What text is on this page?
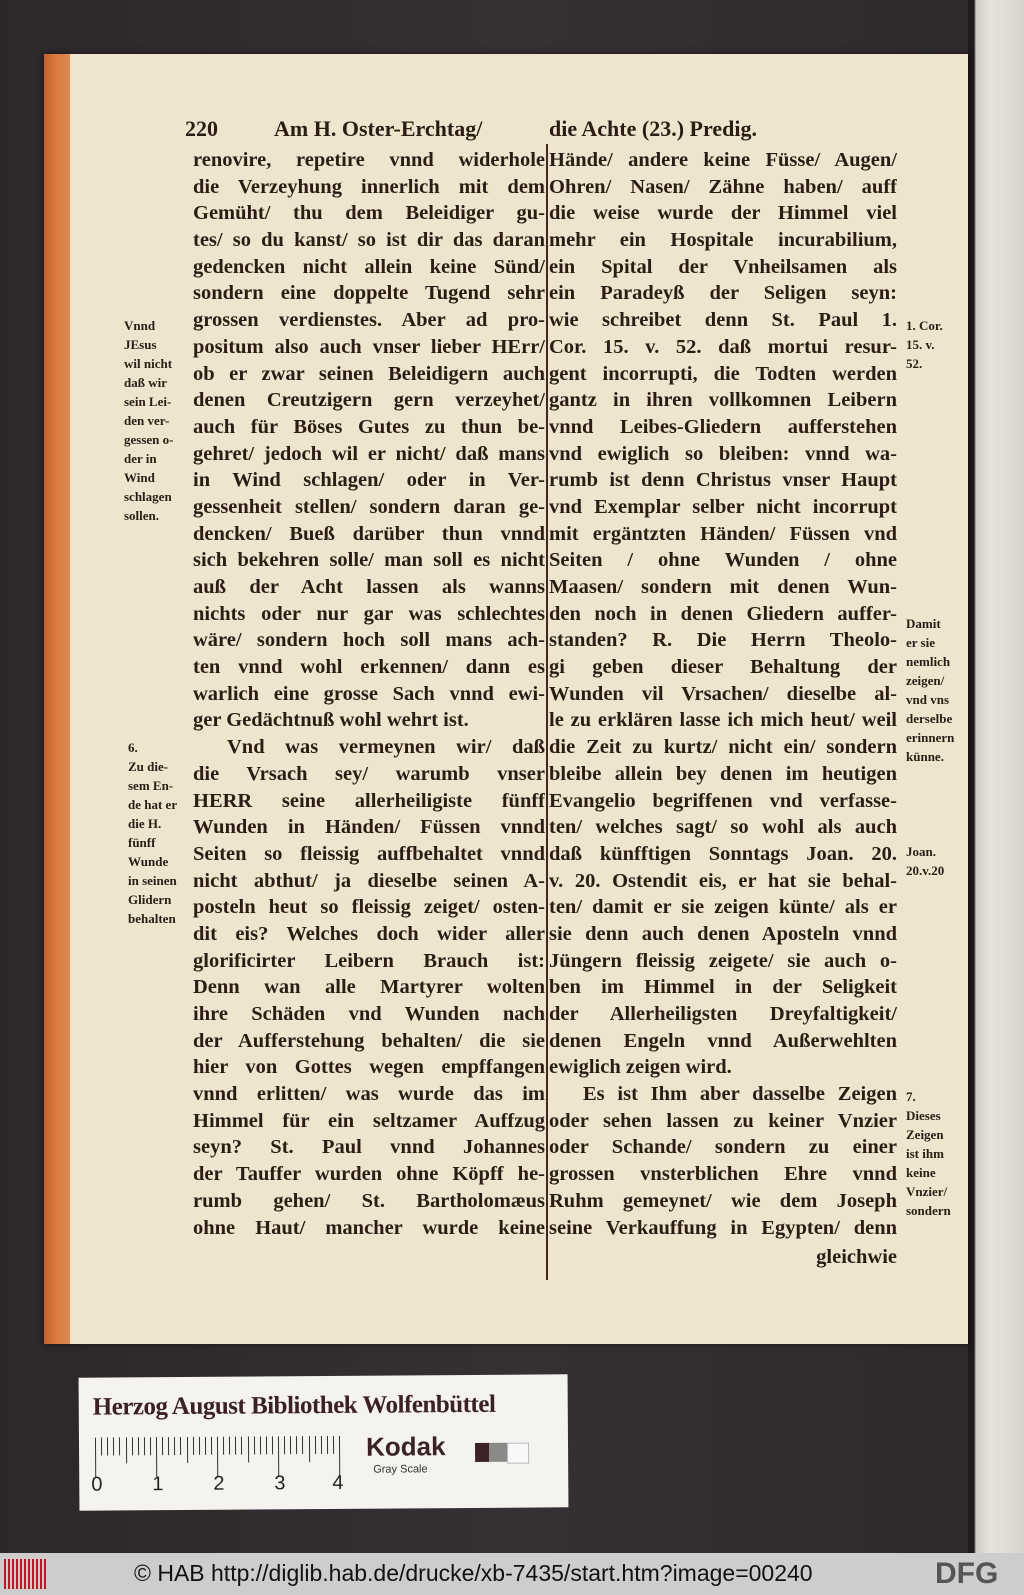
220	Am H. Oster-Erchtag/	die Achte (23.) Predig.
renovire, repetire vnnd widerhole
die Verzeyhung innerlich mit dem
Gemüht/ thu dem Beleidiger gu-
tes/ so du kanst/ so ist dir das daran
gedencken nicht allein keine Sünd/
sondern eine doppelte Tugend sehr
grossen verdienstes. Aber ad pro-
positum also auch vnser lieber HErr/
ob er zwar seinen Beleidigern auch
denen Creutzigern gern verzeyhet/
auch für Böses Gutes zu thun be-
gehret/ jedoch wil er nicht/ daß mans
in Wind schlagen/ oder in Ver-
gessenheit stellen/ sondern daran ge-
dencken/ Bueß darüber thun vnnd
sich bekehren solle/ man soll es nicht
auß der Acht lassen als wanns
nichts oder nur gar was schlechtes
wäre/ sondern hoch soll mans ach-
ten vnnd wohl erkennen/ dann es
warlich eine grosse Sach vnnd ewi-
ger Gedächtnuß wohl wehrt ist.
Vnd was vermeynen wir/ daß
die Vrsach sey/ warumb vnser
HERR seine allerheiligiste fünff
Wunden in Händen/ Füssen vnnd
Seiten so fleissig auffbehaltet vnnd
nicht abthut/ ja dieselbe seinen A-
posteln heut so fleissig zeiget/ osten-
dit eis? Welches doch wider aller
glorificirter Leibern Brauch ist:
Denn wan alle Martyrer wolten
ihre Schäden vnd Wunden nach
der Aufferstehung behalten/ die sie
hier von Gottes wegen empffangen
vnnd erlitten/ was wurde das im
Himmel für ein seltzamer Auffzug
seyn? St. Paul vnnd Johannes
der Tauffer wurden ohne Köpff he-
rumb gehen/ St. Bartholomæus
ohne Haut/ mancher wurde keine
Hände/ andere keine Füsse/ Augen/
Ohren/ Nasen/ Zähne haben/ auff
die weise wurde der Himmel viel
mehr ein Hospitale incurabilium,
ein Spital der Vnheilsamen als
ein Paradeyß der Seligen seyn:
wie schreibet denn St. Paul 1.
Cor. 15. v. 52. daß mortui resur-
gent incorrupti, die Todten werden
gantz in ihren vollkomnen Leibern
vnnd Leibes-Gliedern aufferstehen
vnd ewiglich so bleiben: vnnd wa-
rumb ist denn Christus vnser Haupt
vnd Exemplar selber nicht incorrupt
mit ergäntzten Händen/ Füssen vnd
Seiten / ohne Wunden / ohne
Maasen/ sondern mit denen Wun-
den noch in denen Gliedern auffer-
standen? R. Die Herrn Theolo-
gi geben dieser Behaltung der
Wunden vil Vrsachen/ dieselbe al-
le zu erklären lasse ich mich heut/ weil
die Zeit zu kurtz/ nicht ein/ sondern
bleibe allein bey denen im heutigen
Evangelio begriffenen vnd verfasse-
ten/ welches sagt/ so wohl als auch
daß künfftigen Sonntags Joan. 20.
v. 20. Ostendit eis, er hat sie behal-
ten/ damit er sie zeigen künte/ als er
sie denn auch denen Aposteln vnnd
Jüngern fleissig zeigete/ sie auch o-
ben im Himmel in der Seligkeit
der Allerheiligsten Dreyfaltigkeit/
denen Engeln vnnd Außerwehlten
ewiglich zeigen wird.
Es ist Ihm aber dasselbe Zeigen
oder sehen lassen zu keiner Vnzier
oder Schande/ sondern zu einer
grossen vnsterblichen Ehre vnnd
Ruhm gemeynet/ wie dem Joseph
seine Verkauffung in Egypten/ denn
gleichwie
Vnnd
JEsus
wil nicht
daß wir
sein Lei-
den ver-
gessen o-
der in
Wind
schlagen
sollen.
6.
Zu die-
sem En-
de hat er
die H.
fünff
Wunde
in seinen
Glidern
behalten
1. Cor.
15. v.
52.
Damit
er sie
nemlich
zeigen/
vnd vns
derselbe
erinnern
künne.
Joan.
20.v.20
7.
Dieses
Zeigen
ist ihm
keine
Vnzier/
sondern
Herzog August Bibliothek Wolfenbüttel
0 1 2 3 4
Kodak
Gray Scale
© HAB http://diglib.hab.de/drucke/xb-7435/start.htm?image=00240	DFG
